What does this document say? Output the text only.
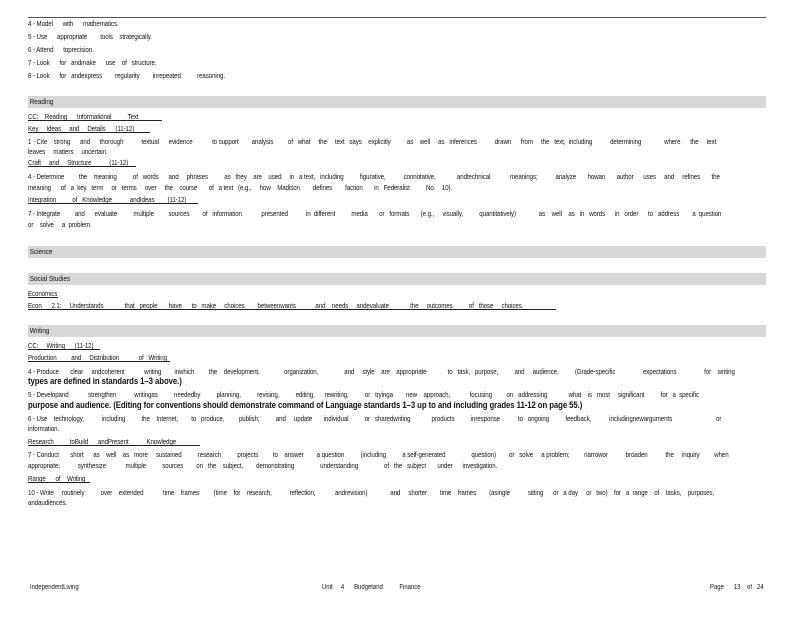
4 - Model      with      mathematics.
5 - Use      appropriate        tools    strategically.
6 - Attend      toprecision.
7 - Look      for   andmake      use    of   structure.
8 - Look      for   andexpress        regularity        inrepeated          reasoning.
Reading
CC:    Reading      Informational          Text
Key     Ideas     and     Details      (11-12)
1 - Cite    strong      and      thorough           textual      evidence            to support        analysis         of   what     the     text   says    explicitly          as    well     as   inferences           drawn      from     the   text,  including           determining              where      the     text
leaves     matters     uncertain.
Craft     and     Structure           (11-12)
4 - Determine         the    meaning          of   words      and     phrases          as   they    are    used     in   a text,   including          figurative,           connotative,             andtechnical            meanings;           analyze       howan       author      uses     and     refines       the
meaning      of   a  key   term     or   terms     over     the    course       of   a text   (e.g.,     how    Madison        defines        faction       in   Federalist          No.    10).
Integration          of   Knowledge           andIdeas        (11-12)
7 - Integrate         and      evaluate          multiple         sources        of   information            presented           in  different          media       or   formats       (e.g.,     visually,          quantitatively)              as    well    as   in   words      in   order      to   address        a  question
or    solve     a  problem.
Science
Social Studies
Economics
Econ      2.1:     Understands             that   people       have      to   make     choices        betweenwants            and    needs     andevaluate             the     outcomes          of   those     choices.
Writing
CC:     Writing      (11-12)
Production         and     Distribution            of   Writing
4 - Produce       clear     andcoherent            writing        inwhich         the    development,               organization,                and     style    are    appropriate             to   task,   purpose,          and     audience.          (Grade-specific                 expectations                 for    writing
types are defined in standards 1–3 above.)
5 - Developand            strengthen           writingas          neededby          planning,          revising,          editing,      rewriting,          or   tryinga        new    approach,            focusing         on   addressing             what    is   most     significant          for   a  specific
purpose and audience. (Editing for conventions should demonstrate command of Language standards 1–3 up to and including grades 11-12 on page 55.)
6 - Use    technology,           including          the    Internet,        to   produce,         publish,          and     update       individual          or   sharedwriting             products          inresponse           to   ongoing          feedback,           includingnewarguments                           or
information.
Research          toBuild      andPresent           Knowledge
7 - Conduct       short      as    well    as   more     sustained          research          projects         to    answer        a question          (including          a self-generated                question)        or   solve     a problem;         narrowor           broaden           the     inquiry         when
appropriate;           synthesize            multiple          sources        on   the    subject,        demonstrating                understanding                of   the   subject       under      investigation.
Range      of    Writing
10 - Write     routinely          over    extended            time    frames         (time    for    research,           reflection,            andrevision)              and     shorter        time    frames        (asingle           sitting      or   a day     or   two)    for   a  range    of    tasks,    purposes,
andaudiences.
IndependentLiving	Unit     4      Budgetand          Finance	Page      13    of   24
